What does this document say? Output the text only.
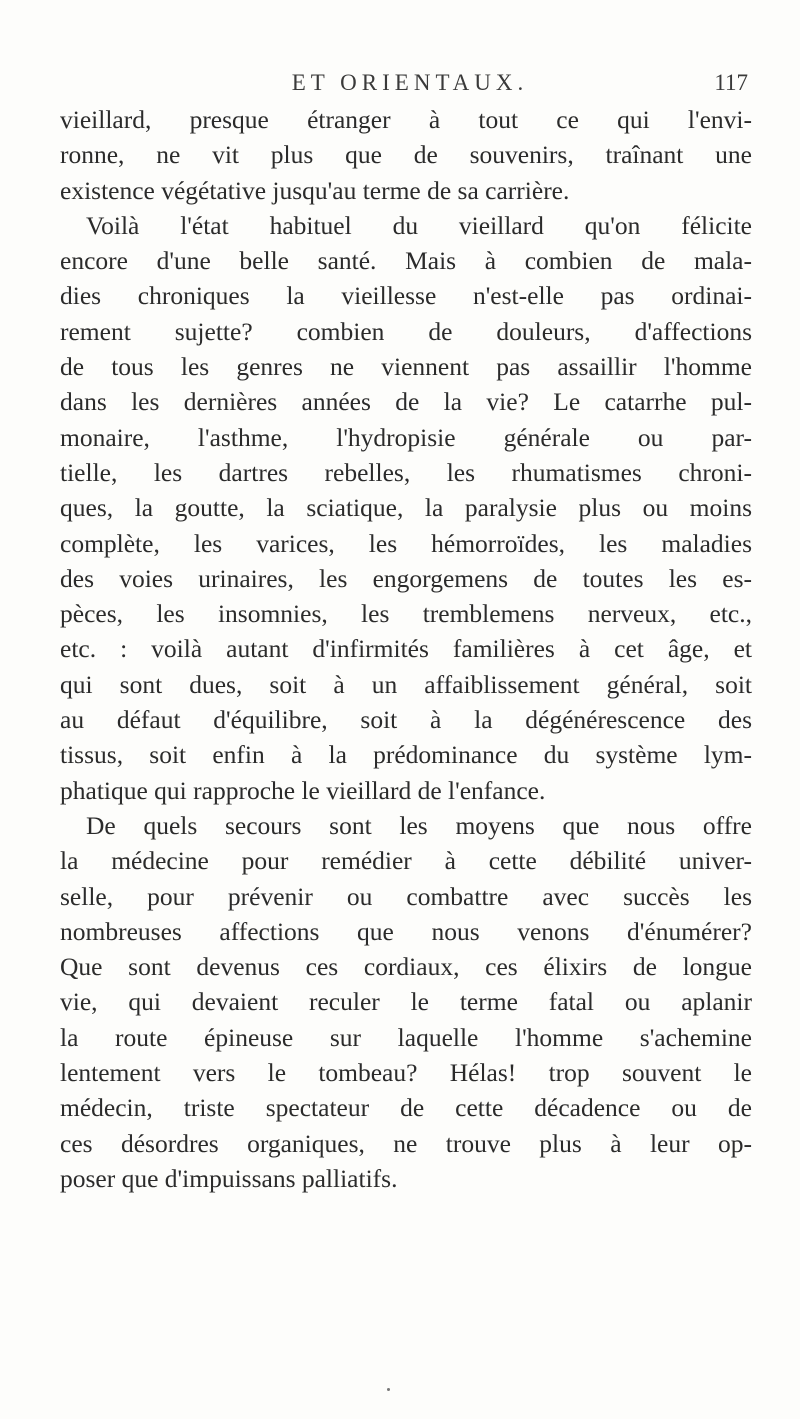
ET ORIENTAUX.	117
vieillard, presque étranger à tout ce qui l'envi-
ronne, ne vit plus que de souvenirs, traînant une
existence végétative jusqu'au terme de sa carrière.
Voilà l'état habituel du vieillard qu'on félicite
encore d'une belle santé. Mais à combien de mala-
dies chroniques la vieillesse n'est-elle pas ordinai-
rement sujette? combien de douleurs, d'affections
de tous les genres ne viennent pas assaillir l'homme
dans les dernières années de la vie? Le catarrhe pul-
monaire, l'asthme, l'hydropisie générale ou par-
tielle, les dartres rebelles, les rhumatismes chroni-
ques, la goutte, la sciatique, la paralysie plus ou moins
complète, les varices, les hémorroïdes, les maladies
des voies urinaires, les engorgemens de toutes les es-
pèces, les insomnies, les tremblemens nerveux, etc.,
etc. : voilà autant d'infirmités familières à cet âge, et
qui sont dues, soit à un affaiblissement général, soit
au défaut d'équilibre, soit à la dégénérescence des
tissus, soit enfin à la prédominance du système lym-
phatique qui rapproche le vieillard de l'enfance.
De quels secours sont les moyens que nous offre
la médecine pour remédier à cette débilité univer-
selle, pour prévenir ou combattre avec succès les
nombreuses affections que nous venons d'énumérer?
Que sont devenus ces cordiaux, ces élixirs de longue
vie, qui devaient reculer le terme fatal ou aplanir
la route épineuse sur laquelle l'homme s'achemine
lentement vers le tombeau? Hélas! trop souvent le
médecin, triste spectateur de cette décadence ou de
ces désordres organiques, ne trouve plus à leur op-
poser que d'impuissans palliatifs.
